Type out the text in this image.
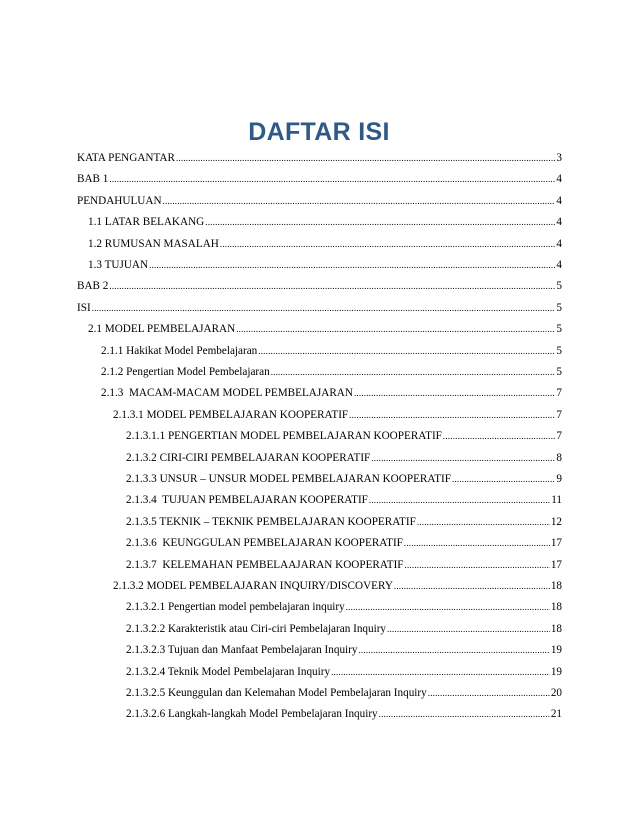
DAFTAR ISI
KATA PENGANTAR .....	3
BAB 1 .....	4
PENDAHULUAN .....	4
1.1 LATAR BELAKANG .....	4
1.2 RUMUSAN MASALAH .....	4
1.3 TUJUAN .....	4
BAB 2 .....	5
ISI .....	5
2.1 MODEL PEMBELAJARAN .....	5
2.1.1 Hakikat Model Pembelajaran .....	5
2.1.2 Pengertian Model Pembelajaran .....	5
2.1.3  MACAM-MACAM MODEL PEMBELAJARAN .....	7
2.1.3.1 MODEL PEMBELAJARAN KOOPERATIF .....	7
2.1.3.1.1 PENGERTIAN MODEL PEMBELAJARAN KOOPERATIF .....	7
2.1.3.2 CIRI-CIRI PEMBELAJARAN KOOPERATIF .....	8
2.1.3.3 UNSUR – UNSUR MODEL PEMBELAJARAN KOOPERATIF .....	9
2.1.3.4  TUJUAN PEMBELAJARAN KOOPERATIF .....	11
2.1.3.5 TEKNIK – TEKNIK PEMBELAJARAN KOOPERATIF .....	12
2.1.3.6  KEUNGGULAN PEMBELAJARAN KOOPERATIF .....	17
2.1.3.7  KELEMAHAN PEMBELAAJARAN KOOPERATIF .....	17
2.1.3.2 MODEL PEMBELAJARAN INQUIRY/DISCOVERY .....	18
2.1.3.2.1 Pengertian model pembelajaran inquiry .....	18
2.1.3.2.2 Karakteristik atau Ciri-ciri Pembelajaran Inquiry .....	18
2.1.3.2.3 Tujuan dan Manfaat Pembelajaran Inquiry .....	19
2.1.3.2.4 Teknik Model Pembelajaran Inquiry .....	19
2.1.3.2.5 Keunggulan dan Kelemahan Model Pembelajaran Inquiry .....	20
2.1.3.2.6 Langkah-langkah Model Pembelajaran Inquiry .....	21
